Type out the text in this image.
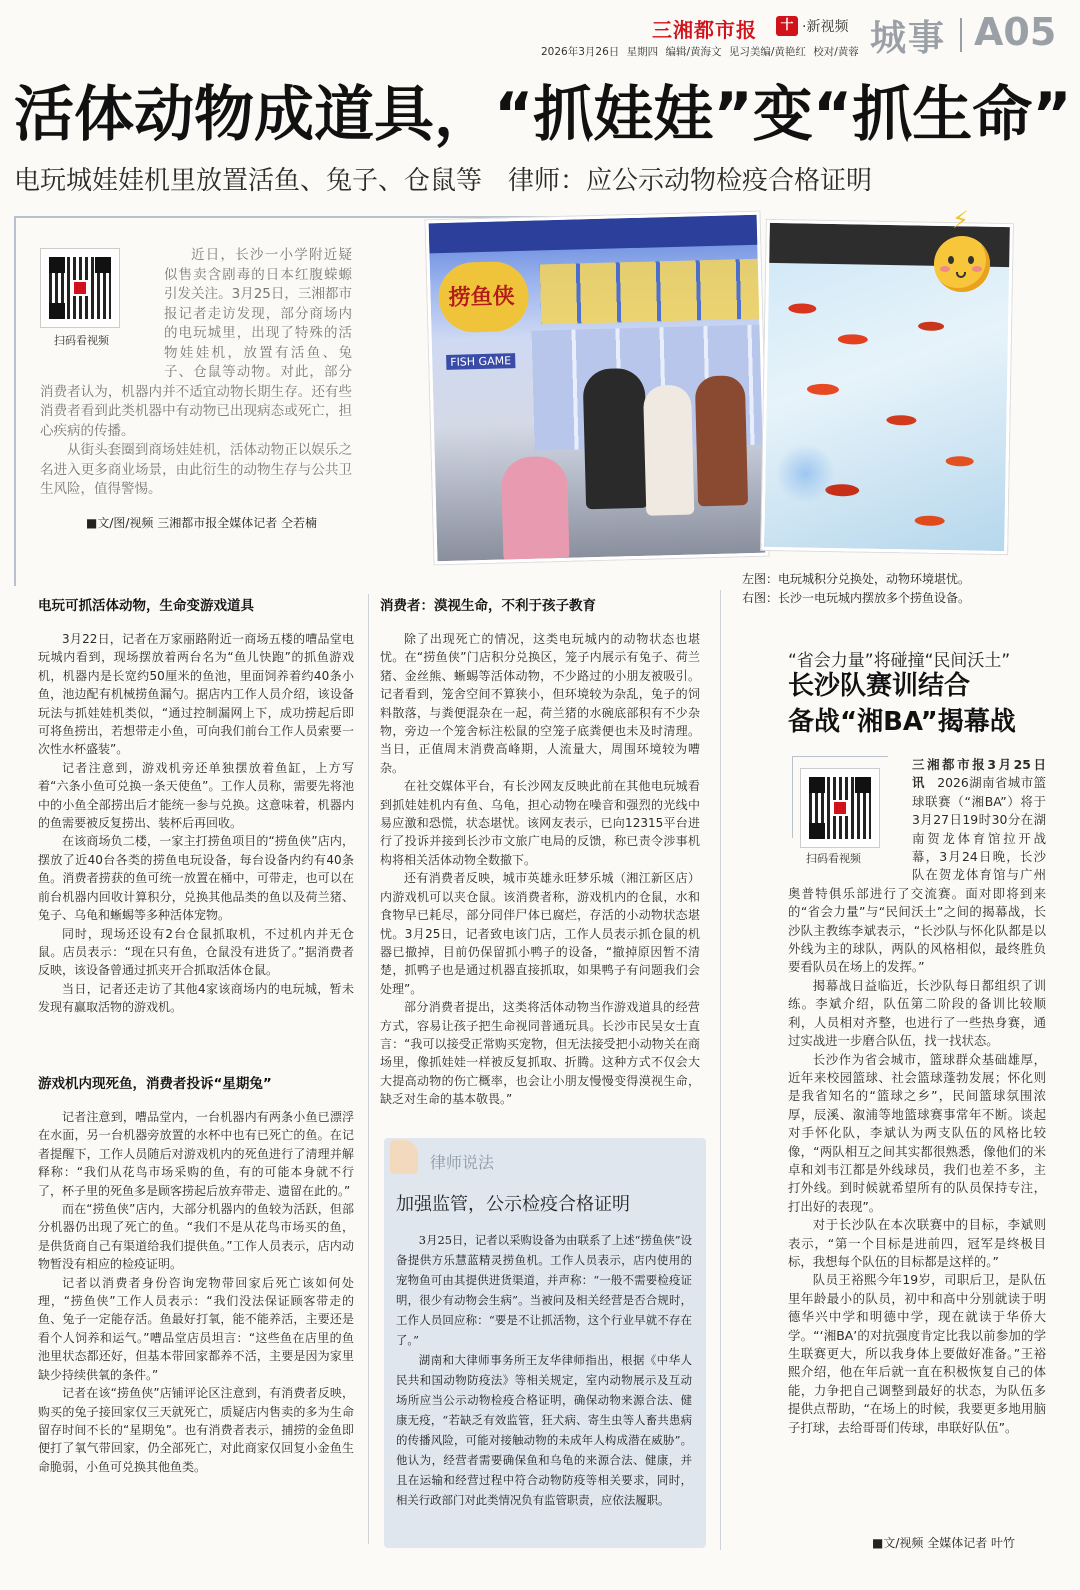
三湘都市报	十 ·新视频 城事 A05
2026年3月26日 星期四 编辑/黄海文 见习美编/黄艳红 校对/黄蓉
活体动物成道具，“抓娃娃”变“抓生命”
电玩城娃娃机里放置活鱼、兔子、仓鼠等　律师：应公示动物检疫合格证明

近日，长沙一小学附近疑似售卖含剧毒的日本红腹蝾螈引发关注。3月25日，三湘都市报记者走访发现，部分商场内的电玩城里，出现了特殊的活物娃娃机，放置有活鱼、兔子、仓鼠等动物。对此，部分消费者认为，机器内并不适宜动物长期生存。还有些消费者看到此类机器中有动物已出现病态或死亡，担心疾病的传播。

从街头套圈到商场娃娃机，活体动物正以娱乐之名进入更多商业场景，由此衍生的动物生存与公共卫生风险，值得警惕。

扫码看视频
■文/图/视频 三湘都市报全媒体记者 仝若楠
捞鱼侠
FISH GAME
⚡
左图：电玩城积分兑换处，动物环境堪忧。
右图：长沙一电玩城内摆放多个捞鱼设备。
电玩可抓活体动物，生命变游戏道具

3月22日，记者在万家丽路附近一商场五楼的嘈品堂电玩城内看到，现场摆放着两台名为“鱼儿快跑”的抓鱼游戏机，机器内是长宽约50厘米的鱼池，里面饲养着约40条小鱼，池边配有机械捞鱼漏勺。据店内工作人员介绍，该设备玩法与抓娃娃机类似，“通过控制漏网上下，成功捞起后即可将鱼捞出，若想带走小鱼，可向我们前台工作人员索要一次性水杯盛装”。

记者注意到，游戏机旁还单独摆放着鱼缸，上方写着“六条小鱼可兑换一条天使鱼”。工作人员称，需要先将池中的小鱼全部捞出后才能统一参与兑换。这意味着，机器内的鱼需要被反复捞出、装杯后再回收。

在该商场负二楼，一家主打捞鱼项目的“捞鱼侠”店内，摆放了近40台各类的捞鱼电玩设备，每台设备内约有40条鱼。消费者捞获的鱼可统一放置在桶中，可带走，也可以在前台机器内回收计算积分，兑换其他品类的鱼以及荷兰猪、兔子、乌龟和蜥蜴等多种活体宠物。

同时，现场还设有2台仓鼠抓取机，不过机内并无仓鼠。店员表示：“现在只有鱼，仓鼠没有进货了。”据消费者反映，该设备曾通过抓夹开合抓取活体仓鼠。

当日，记者还走访了其他4家该商场内的电玩城，暂未发现有赢取活物的游戏机。

游戏机内现死鱼，消费者投诉“星期兔”

记者注意到，嘈品堂内，一台机器内有两条小鱼已漂浮在水面，另一台机器旁放置的水杯中也有已死亡的鱼。在记者提醒下，工作人员随后对游戏机内的死鱼进行了清理并解释称：“我们从花鸟市场采购的鱼，有的可能本身就不行了，杯子里的死鱼多是顾客捞起后放弃带走、遗留在此的。”

而在“捞鱼侠”店内，大部分机器内的鱼较为活跃，但部分机器仍出现了死亡的鱼。“我们不是从花鸟市场买的鱼，是供货商自己有渠道给我们提供鱼。”工作人员表示，店内动物暂没有相应的检疫证明。

记者以消费者身份咨询宠物带回家后死亡该如何处理，“捞鱼侠”工作人员表示：“我们没法保证顾客带走的鱼、兔子一定能存活。鱼最好打氧，能不能养活，主要还是看个人饲养和运气。”嘈品堂店员坦言：“这些鱼在店里的鱼池里状态都还好，但基本带回家都养不活，主要是因为家里缺少持续供氧的条件。”

记者在该“捞鱼侠”店铺评论区注意到，有消费者反映，购买的兔子接回家仅三天就死亡，质疑店内售卖的多为生命留存时间不长的“星期兔”。也有消费者表示，捕捞的金鱼即便打了氧气带回家，仍全部死亡，对此商家仅回复小金鱼生命脆弱，小鱼可兑换其他鱼类。

消费者：漠视生命，不利于孩子教育

除了出现死亡的情况，这类电玩城内的动物状态也堪忧。在“捞鱼侠”门店积分兑换区，笼子内展示有兔子、荷兰猪、金丝熊、蜥蜴等活体动物，不少路过的小朋友被吸引。记者看到，笼舍空间不算狭小，但环境较为杂乱，兔子的饲料散落，与粪便混杂在一起，荷兰猪的水碗底部积有不少杂物，旁边一个笼舍标注松鼠的空笼子底粪便也未及时清理。当日，正值周末消费高峰期，人流量大，周围环境较为嘈杂。

在社交媒体平台，有长沙网友反映此前在其他电玩城看到抓娃娃机内有鱼、乌龟，担心动物在噪音和强烈的光线中易应激和恐慌，状态堪忧。该网友表示，已向12315平台进行了投诉并接到长沙市文旅广电局的反馈，称已责令涉事机构将相关活体动物全数撤下。

还有消费者反映，城市英雄永旺梦乐城（湘江新区店）内游戏机可以夹仓鼠。该消费者称，游戏机内的仓鼠，水和食物早已耗尽，部分同伴尸体已腐烂，存活的小动物状态堪忧。3月25日，记者致电该门店，工作人员表示抓仓鼠的机器已撤掉，目前仍保留抓小鸭子的设备，“撤掉原因暂不清楚，抓鸭子也是通过机器直接抓取，如果鸭子有问题我们会处理”。

部分消费者提出，这类将活体动物当作游戏道具的经营方式，容易让孩子把生命视同普通玩具。长沙市民吴女士直言：“我可以接受正常购买宠物，但无法接受把小动物关在商场里，像抓娃娃一样被反复抓取、折腾。这种方式不仅会大大提高动物的伤亡概率，也会让小朋友慢慢变得漠视生命，缺乏对生命的基本敬畏。”

律师说法
加强监管，公示检疫合格证明

3月25日，记者以采购设备为由联系了上述“捞鱼侠”设备提供方乐慧蓝精灵捞鱼机。工作人员表示，店内使用的宠物鱼可由其提供进货渠道，并声称：“一般不需要检疫证明，很少有动物会生病”。当被问及相关经营是否合规时，工作人员回应称：“要是不让抓活物，这个行业早就不存在了。”

湖南和大律师事务所王友华律师指出，根据《中华人民共和国动物防疫法》等相关规定，室内动物展示及互动场所应当公示动物检疫合格证明，确保动物来源合法、健康无疫，“若缺乏有效监管，狂犬病、寄生虫等人畜共患病的传播风险，可能对接触动物的未成年人构成潜在威胁”。他认为，经营者需要确保鱼和乌龟的来源合法、健康，并且在运输和经营过程中符合动物防疫等相关要求，同时，相关行政部门对此类情况负有监管职责，应依法履职。

“省会力量”将碰撞“民间沃土”
长沙队赛训结合
备战“湘BA”揭幕战

三湘都市报3月25日讯  2026湖南省城市篮球联赛（“湘BA”）将于3月27日19时30分在湖南贺龙体育馆拉开战幕，3月24日晚，长沙队在贺龙体育馆与广州奥普特俱乐部进行了交流赛。面对即将到来的“省会力量”与“民间沃土”之间的揭幕战，长沙队主教练李斌表示，“长沙队与怀化队都是以外线为主的球队，两队的风格相似，最终胜负要看队员在场上的发挥。”

揭幕战日益临近，长沙队每日都组织了训练。李斌介绍，队伍第二阶段的备训比较顺利，人员相对齐整，也进行了一些热身赛，通过实战进一步磨合队伍，找一找状态。

长沙作为省会城市，篮球群众基础雄厚，近年来校园篮球、社会篮球蓬勃发展；怀化则是我省知名的“篮球之乡”，民间篮球氛围浓厚，辰溪、溆浦等地篮球赛事常年不断。谈起对手怀化队，李斌认为两支队伍的风格比较像，“两队相互之间其实都很熟悉，像他们的米卓和刘韦江都是外线球员，我们也差不多，主打外线。到时候就希望所有的队员保持专注，打出好的表现”。

对于长沙队在本次联赛中的目标，李斌则表示，“第一个目标是进前四，冠军是终极目标，我想每个队伍的目标都是这样的。”

队员王裕熙今年19岁，司职后卫，是队伍里年龄最小的队员，初中和高中分别就读于明德华兴中学和明德中学，现在就读于华侨大学。“‘湘BA’的对抗强度肯定比我以前参加的学生联赛更大，所以我身体上要做好准备。”王裕熙介绍，他在年后就一直在积极恢复自己的体能，力争把自己调整到最好的状态，为队伍多提供点帮助，“在场上的时候，我要更多地用脑子打球，去给哥哥们传球，串联好队伍”。

扫码看视频
■文/视频 全媒体记者 叶竹
